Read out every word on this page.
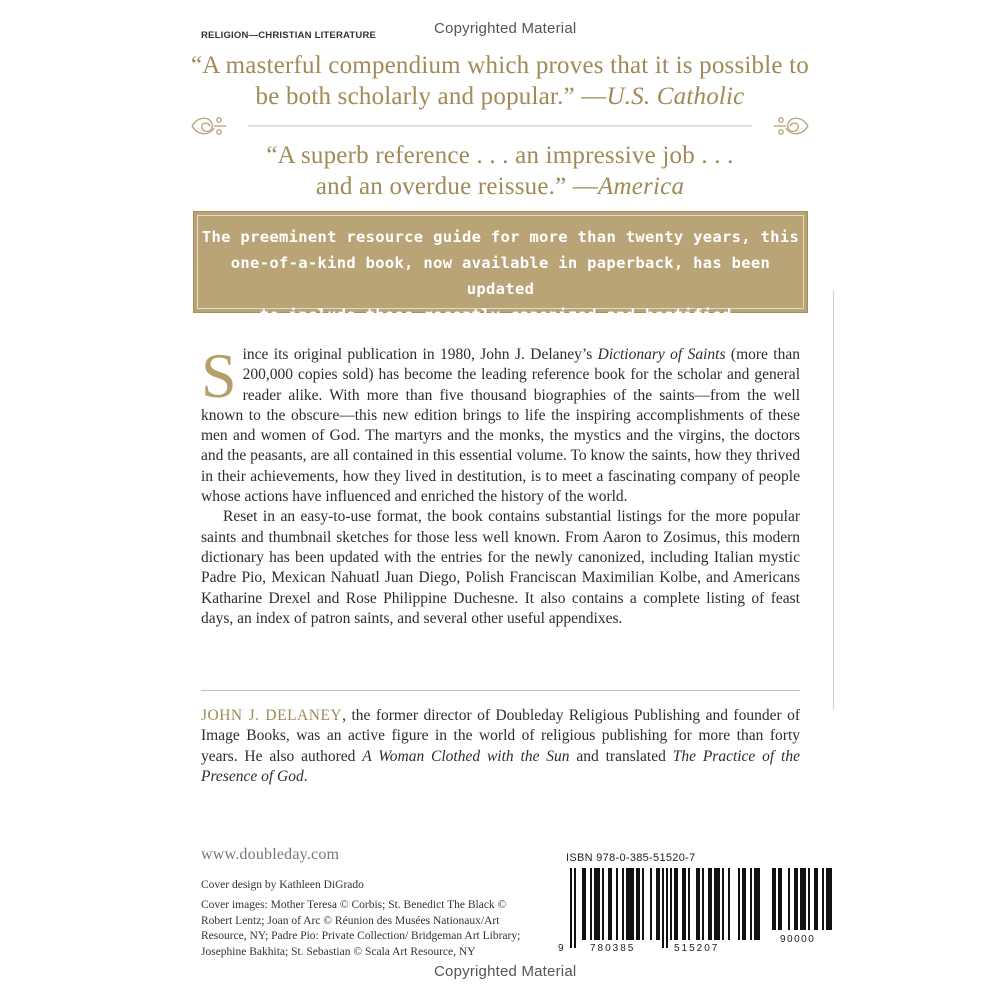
Copyrighted Material
Copyrighted Material
RELIGION—CHRISTIAN LITERATURE
“A masterful compendium which proves that it is possible to
be both scholarly and popular.” —U.S. Catholic
“A superb reference . . . an impressive job . . .
and an overdue reissue.” —America
The preeminent resource guide for more than twenty years, this
one-of-a-kind book, now available in paperback, has been updated
to include those recently canonized and beatified.

Since its original publication in 1980, John J. Delaney’s Dictionary of Saints (more than 200,000 copies sold) has become the leading reference book for the scholar and general reader alike. With more than five thousand biographies of the saints—from the well known to the obscure—this new edition brings to life the inspiring accomplishments of these men and women of God. The martyrs and the monks, the mystics and the virgins, the doctors and the peasants, are all contained in this essential volume. To know the saints, how they thrived in their achievements, how they lived in destitution, is to meet a fascinating company of people whose actions have influenced and enriched the history of the world.

Reset in an easy-to-use format, the book contains substantial listings for the more popular saints and thumbnail sketches for those less well known. From Aaron to Zosimus, this modern dictionary has been updated with the entries for the newly canonized, including Italian mystic Padre Pio, Mexican Nahuatl Juan Diego, Polish Franciscan Maximilian Kolbe, and Americans Katharine Drexel and Rose Philippine Duchesne. It also contains a complete listing of feast days, an index of patron saints, and several other useful appendixes.

JOHN J. DELANEY, the former director of Doubleday Religious Publishing and founder of Image Books, was an active figure in the world of religious publishing for more than forty years. He also authored A Woman Clothed with the Sun and translated The Practice of the Presence of God.
www.doubleday.com
Cover design by Kathleen DiGrado
Cover images: Mother Teresa © Corbis; St. Benedict The Black © Robert Lentz; Joan of Arc © Réunion des Musées Nationaux/Art Resource, NY; Padre Pio: Private Collection/ Bridgeman Art Library; Josephine Bakhita; St. Sebastian © Scala Art Resource, NY
ISBN 978-0-385-51520-7
9	780385	515207
90000
